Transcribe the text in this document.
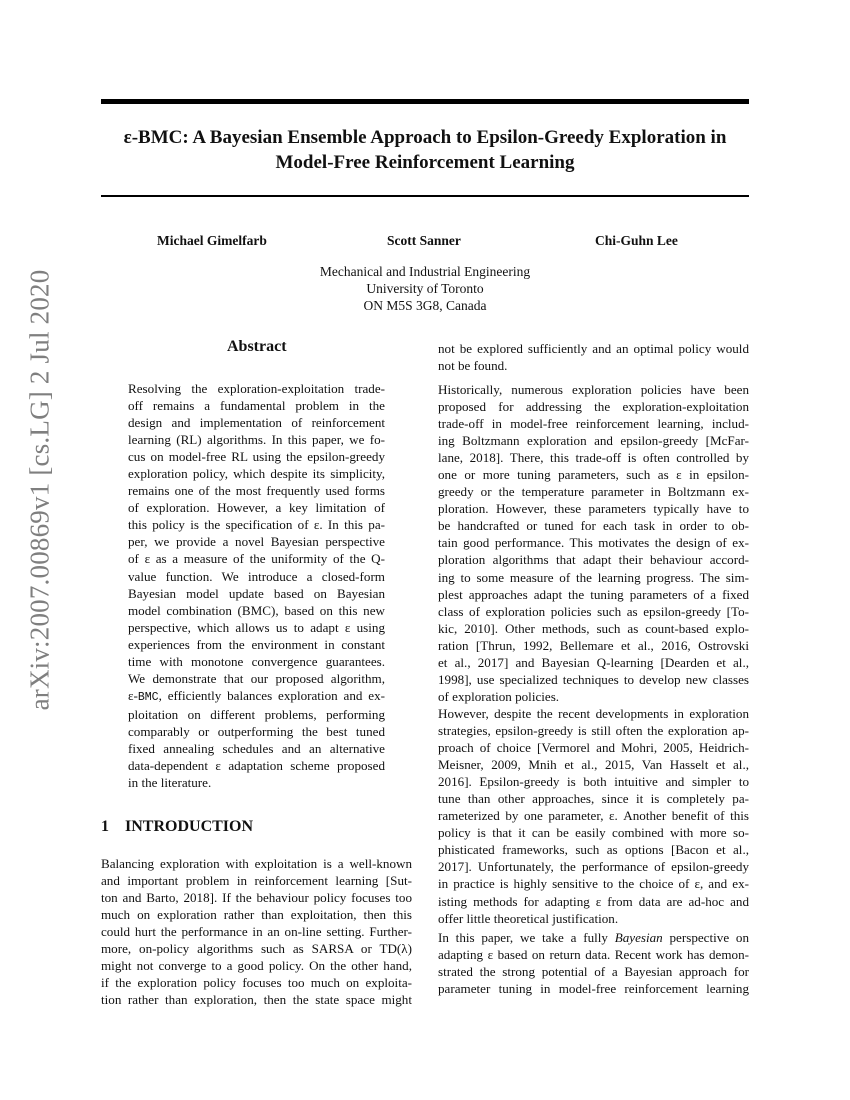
arXiv:2007.00869v1 [cs.LG] 2 Jul 2020
ε-BMC: A Bayesian Ensemble Approach to Epsilon-Greedy Exploration in
Model-Free Reinforcement Learning
Michael Gimelfarb	Scott Sanner	Chi-Guhn Lee
Mechanical and Industrial Engineering
University of Toronto
ON M5S 3G8, Canada
Abstract
Resolving the exploration-exploitation trade-
off remains a fundamental problem in the
design and implementation of reinforcement
learning (RL) algorithms. In this paper, we fo-
cus on model-free RL using the epsilon-greedy
exploration policy, which despite its simplicity,
remains one of the most frequently used forms
of exploration. However, a key limitation of
this policy is the specification of ε. In this pa-
per, we provide a novel Bayesian perspective
of ε as a measure of the uniformity of the Q-
value function. We introduce a closed-form
Bayesian model update based on Bayesian
model combination (BMC), based on this new
perspective, which allows us to adapt ε using
experiences from the environment in constant
time with monotone convergence guarantees.
We demonstrate that our proposed algorithm,
ε-BMC, efficiently balances exploration and ex-
ploitation on different problems, performing
comparably or outperforming the best tuned
fixed annealing schedules and an alternative
data-dependent ε adaptation scheme proposed
in the literature.
1 INTRODUCTION
Balancing exploration with exploitation is a well-known
and important problem in reinforcement learning [Sut-
ton and Barto, 2018]. If the behaviour policy focuses too
much on exploration rather than exploitation, then this
could hurt the performance in an on-line setting. Further-
more, on-policy algorithms such as SARSA or TD(λ)
might not converge to a good policy. On the other hand,
if the exploration policy focuses too much on exploita-
tion rather than exploration, then the state space might
not be explored sufficiently and an optimal policy would
not be found.
Historically, numerous exploration policies have been
proposed for addressing the exploration-exploitation
trade-off in model-free reinforcement learning, includ-
ing Boltzmann exploration and epsilon-greedy [McFar-
lane, 2018]. There, this trade-off is often controlled by
one or more tuning parameters, such as ε in epsilon-
greedy or the temperature parameter in Boltzmann ex-
ploration. However, these parameters typically have to
be handcrafted or tuned for each task in order to ob-
tain good performance. This motivates the design of ex-
ploration algorithms that adapt their behaviour accord-
ing to some measure of the learning progress. The sim-
plest approaches adapt the tuning parameters of a fixed
class of exploration policies such as epsilon-greedy [To-
kic, 2010]. Other methods, such as count-based explo-
ration [Thrun, 1992, Bellemare et al., 2016, Ostrovski
et al., 2017] and Bayesian Q-learning [Dearden et al.,
1998], use specialized techniques to develop new classes
of exploration policies.
However, despite the recent developments in exploration
strategies, epsilon-greedy is still often the exploration ap-
proach of choice [Vermorel and Mohri, 2005, Heidrich-
Meisner, 2009, Mnih et al., 2015, Van Hasselt et al.,
2016]. Epsilon-greedy is both intuitive and simpler to
tune than other approaches, since it is completely pa-
rameterized by one parameter, ε. Another benefit of this
policy is that it can be easily combined with more so-
phisticated frameworks, such as options [Bacon et al.,
2017]. Unfortunately, the performance of epsilon-greedy
in practice is highly sensitive to the choice of ε, and ex-
isting methods for adapting ε from data are ad-hoc and
offer little theoretical justification.
In this paper, we take a fully Bayesian perspective on
adapting ε based on return data. Recent work has demon-
strated the strong potential of a Bayesian approach for
parameter tuning in model-free reinforcement learning
